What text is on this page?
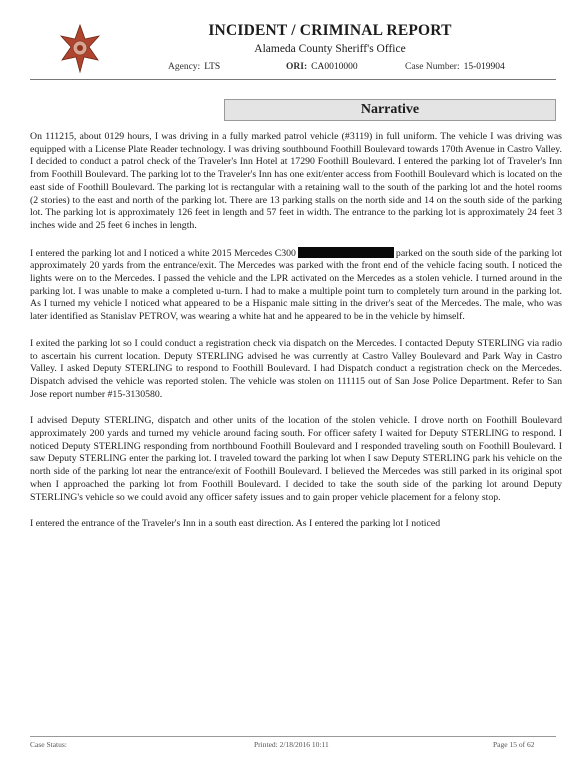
INCIDENT / CRIMINAL REPORT
Alameda County Sheriff's Office
Agency: LTS	ORI: CA0010000	Case Number: 15-019904
Narrative

On 111215, about 0129 hours, I was driving in a fully marked patrol vehicle (#3119) in full uniform. The vehicle I was driving was equipped with a License Plate Reader technology. I was driving southbound Foothill Boulevard towards 170th Avenue in Castro Valley. I decided to conduct a patrol check of the Traveler's Inn Hotel at 17290 Foothill Boulevard. I entered the parking lot of Traveler's Inn from Foothill Boulevard. The parking lot to the Traveler's Inn has one exit/enter access from Foothill Boulevard which is located on the east side of Foothill Boulevard. The parking lot is rectangular with a retaining wall to the south of the parking lot and the hotel rooms (2 stories) to the east and north of the parking lot. There are 13 parking stalls on the north side and 14 on the south side of the parking lot. The parking lot is approximately 126 feet in length and 57 feet in width. The entrance to the parking lot is approximately 24 feet 3 inches wide and 25 feet 6 inches in length.

I entered the parking lot and I noticed a white 2015 Mercedes C300	parked on the south side of the parking lot approximately 20 yards from the entrance/exit. The Mercedes was parked with the front end of the vehicle facing south. I noticed the lights were on to the Mercedes. I passed the vehicle and the LPR activated on the Mercedes as a stolen vehicle. I turned around in the parking lot. I was unable to make a completed u-turn. I had to make a multiple point turn to completely turn around in the parking lot. As I turned my vehicle I noticed what appeared to be a Hispanic male sitting in the driver's seat of the Mercedes. The male, who was later identified as Stanislav PETROV, was wearing a white hat and he appeared to be in the vehicle by himself.

I exited the parking lot so I could conduct a registration check via dispatch on the Mercedes. I contacted Deputy STERLING via radio to ascertain his current location. Deputy STERLING advised he was currently at Castro Valley Boulevard and Park Way in Castro Valley. I asked Deputy STERLING to respond to Foothill Boulevard. I had Dispatch conduct a registration check on the Mercedes. Dispatch advised the vehicle was reported stolen. The vehicle was stolen on 111115 out of San Jose Police Department. Refer to San Jose report number #15-3130580.

I advised Deputy STERLING, dispatch and other units of the location of the stolen vehicle. I drove north on Foothill Boulevard approximately 200 yards and turned my vehicle around facing south. For officer safety I waited for Deputy STERLING to respond. I noticed Deputy STERLING responding from northbound Foothill Boulevard and I responded traveling south on Foothill Boulevard. I saw Deputy STERLING enter the parking lot. I traveled toward the parking lot when I saw Deputy STERLING park his vehicle on the north side of the parking lot near the entrance/exit of Foothill Boulevard. I believed the Mercedes was still parked in its original spot when I approached the parking lot from Foothill Boulevard. I decided to take the south side of the parking lot around Deputy STERLING's vehicle so we could avoid any officer safety issues and to gain proper vehicle placement for a felony stop.

I entered the entrance of the Traveler's Inn in a south east direction. As I entered the parking lot I noticed

Case Status:	Printed: 2/18/2016 10:11	Page 15 of 62
